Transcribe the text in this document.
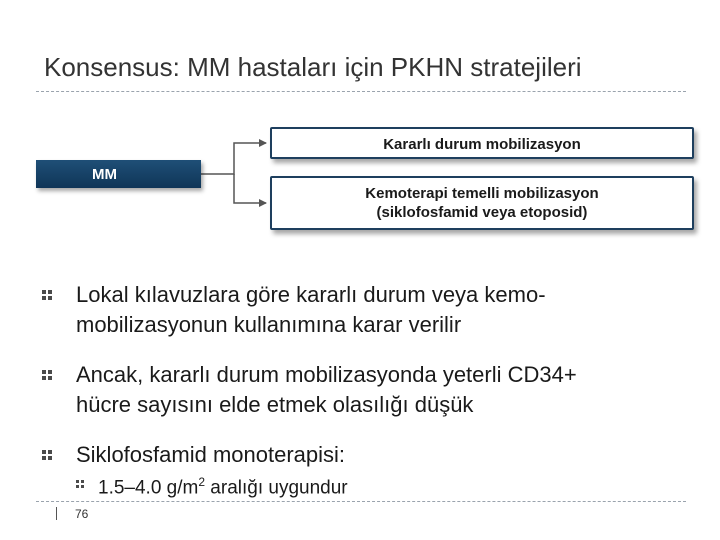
Konsensus: MM hastaları için PKHN stratejileri
MM
Kararlı durum mobilizasyon
Kemoterapi temelli mobilizasyon
(siklofosfamid veya etoposid)
Lokal kılavuzlara göre kararlı durum veya kemo-
mobilizasyonun kullanımına karar verilir
Ancak, kararlı durum mobilizasyonda yeterli CD34+
hücre sayısını elde etmek olasılığı düşük
Siklofosfamid monoterapisi:
1.5–4.0 $g/m^2$ aralığı uygundur
76
